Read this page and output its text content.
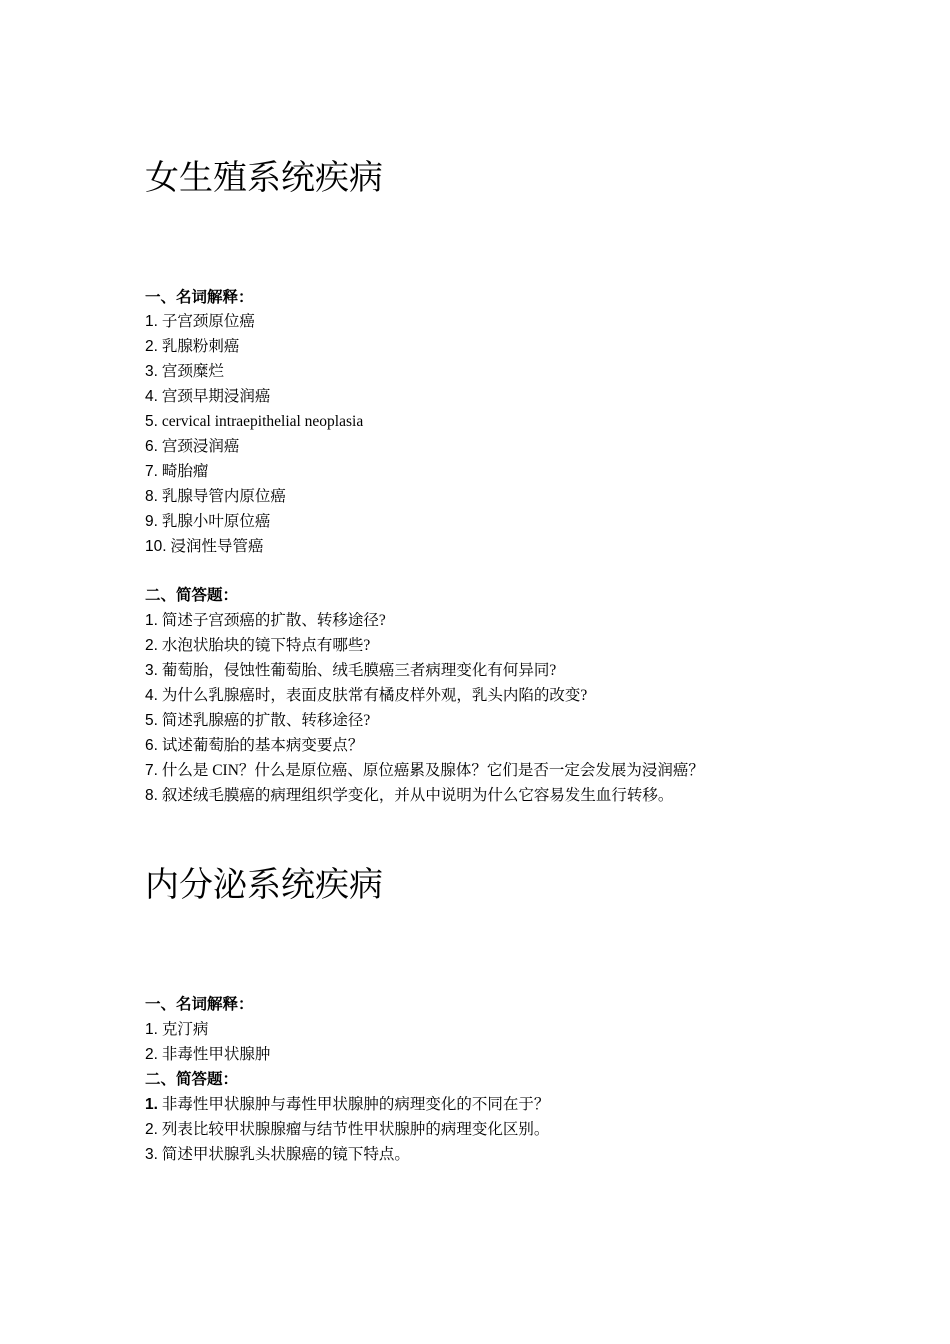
女生殖系统疾病
一、名词解释：
1. 子宫颈原位癌
2. 乳腺粉刺癌
3. 宫颈糜烂
4. 宫颈早期浸润癌
5. cervical intraepithelial neoplasia
6. 宫颈浸润癌
7. 畸胎瘤
8. 乳腺导管内原位癌
9. 乳腺小叶原位癌
10. 浸润性导管癌
二、简答题：
1. 简述子宫颈癌的扩散、转移途径?
2. 水泡状胎块的镜下特点有哪些?
3. 葡萄胎，侵蚀性葡萄胎、绒毛膜癌三者病理变化有何异同?
4. 为什么乳腺癌时，表面皮肤常有橘皮样外观，乳头内陷的改变?
5. 简述乳腺癌的扩散、转移途径?
6. 试述葡萄胎的基本病变要点？
7. 什么是 CIN？什么是原位癌、原位癌累及腺体？它们是否一定会发展为浸润癌？
8. 叙述绒毛膜癌的病理组织学变化，并从中说明为什么它容易发生血行转移。
内分泌系统疾病
一、名词解释：
1. 克汀病
2. 非毒性甲状腺肿
二、简答题：
1. 非毒性甲状腺肿与毒性甲状腺肿的病理变化的不同在于？
2. 列表比较甲状腺腺瘤与结节性甲状腺肿的病理变化区别。
3. 简述甲状腺乳头状腺癌的镜下特点。
